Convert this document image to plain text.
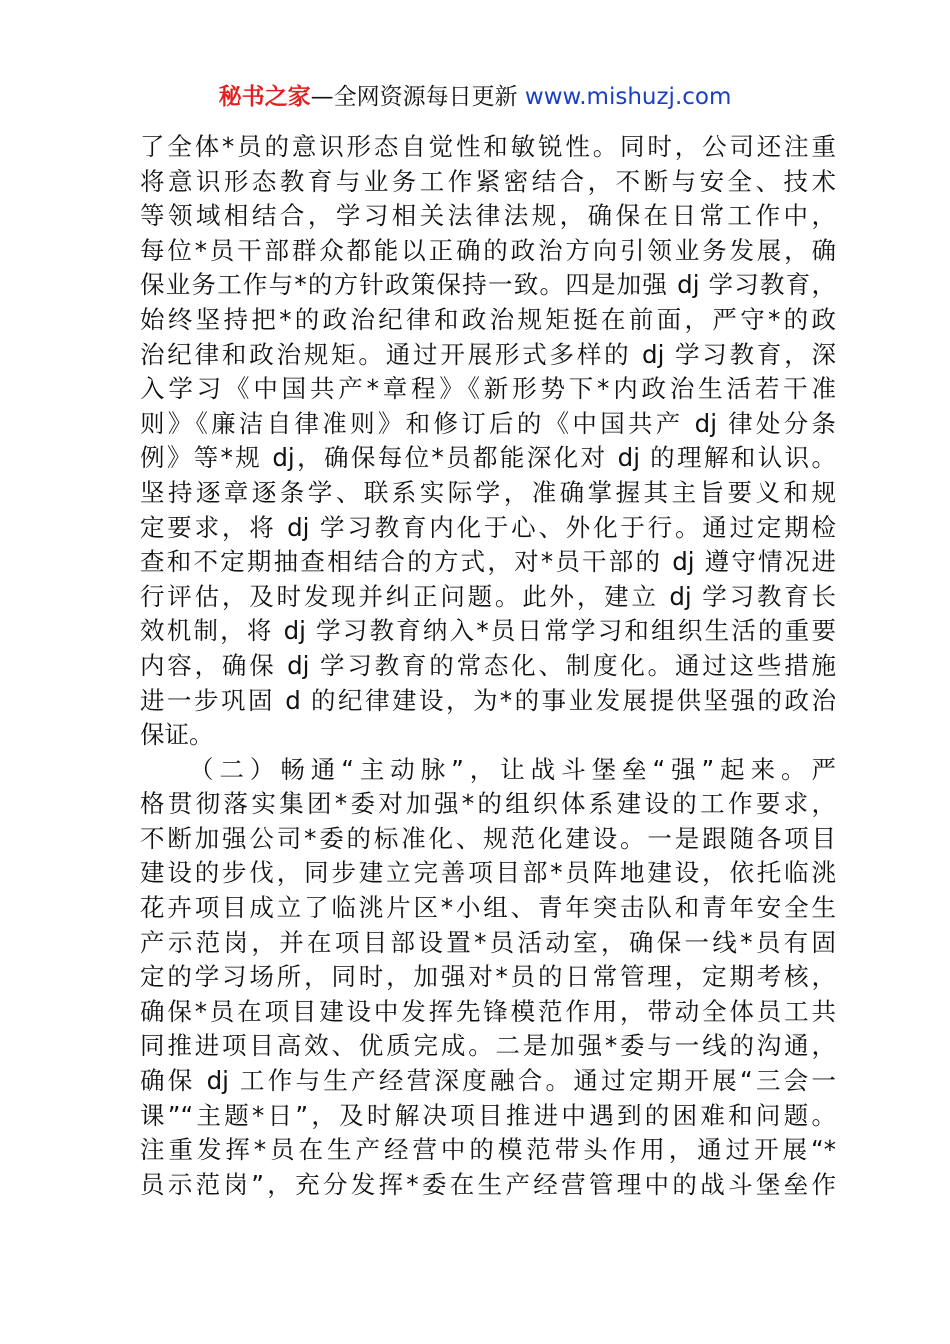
秘书之家—全网资源每日更新 www.mishuzj.com
了全体*员的意识形态自觉性和敏锐性。同时，公司还注重
将意识形态教育与业务工作紧密结合，不断与安全、技术
等领域相结合，学习相关法律法规，确保在日常工作中，
每位*员干部群众都能以正确的政治方向引领业务发展，确
保业务工作与*的方针政策保持一致。四是加强 dj 学习教育，
始终坚持把*的政治纪律和政治规矩挺在前面，严守*的政
治纪律和政治规矩。通过开展形式多样的 dj 学习教育，深
入学习《中国共产*章程》《新形势下*内政治生活若干准
则》《廉洁自律准则》和修订后的《中国共产 dj 律处分条
例》等*规 dj，确保每位*员都能深化对 dj 的理解和认识。
坚持逐章逐条学、联系实际学，准确掌握其主旨要义和规
定要求，将 dj 学习教育内化于心、外化于行。通过定期检
查和不定期抽查相结合的方式，对*员干部的 dj 遵守情况进
行评估，及时发现并纠正问题。此外，建立 dj 学习教育长
效机制，将 dj 学习教育纳入*员日常学习和组织生活的重要
内容，确保 dj 学习教育的常态化、制度化。通过这些措施
进一步巩固 d 的纪律建设，为*的事业发展提供坚强的政治
保证。
（二）畅通“主动脉”，让战斗堡垒“强”起来。严
格贯彻落实集团*委对加强*的组织体系建设的工作要求，
不断加强公司*委的标准化、规范化建设。一是跟随各项目
建设的步伐，同步建立完善项目部*员阵地建设，依托临洮
花卉项目成立了临洮片区*小组、青年突击队和青年安全生
产示范岗，并在项目部设置*员活动室，确保一线*员有固
定的学习场所，同时，加强对*员的日常管理，定期考核，
确保*员在项目建设中发挥先锋模范作用，带动全体员工共
同推进项目高效、优质完成。二是加强*委与一线的沟通，
确保 dj 工作与生产经营深度融合。通过定期开展“三会一
课”“主题*日”，及时解决项目推进中遇到的困难和问题。
注重发挥*员在生产经营中的模范带头作用，通过开展“*
员示范岗”，充分发挥*委在生产经营管理中的战斗堡垒作
